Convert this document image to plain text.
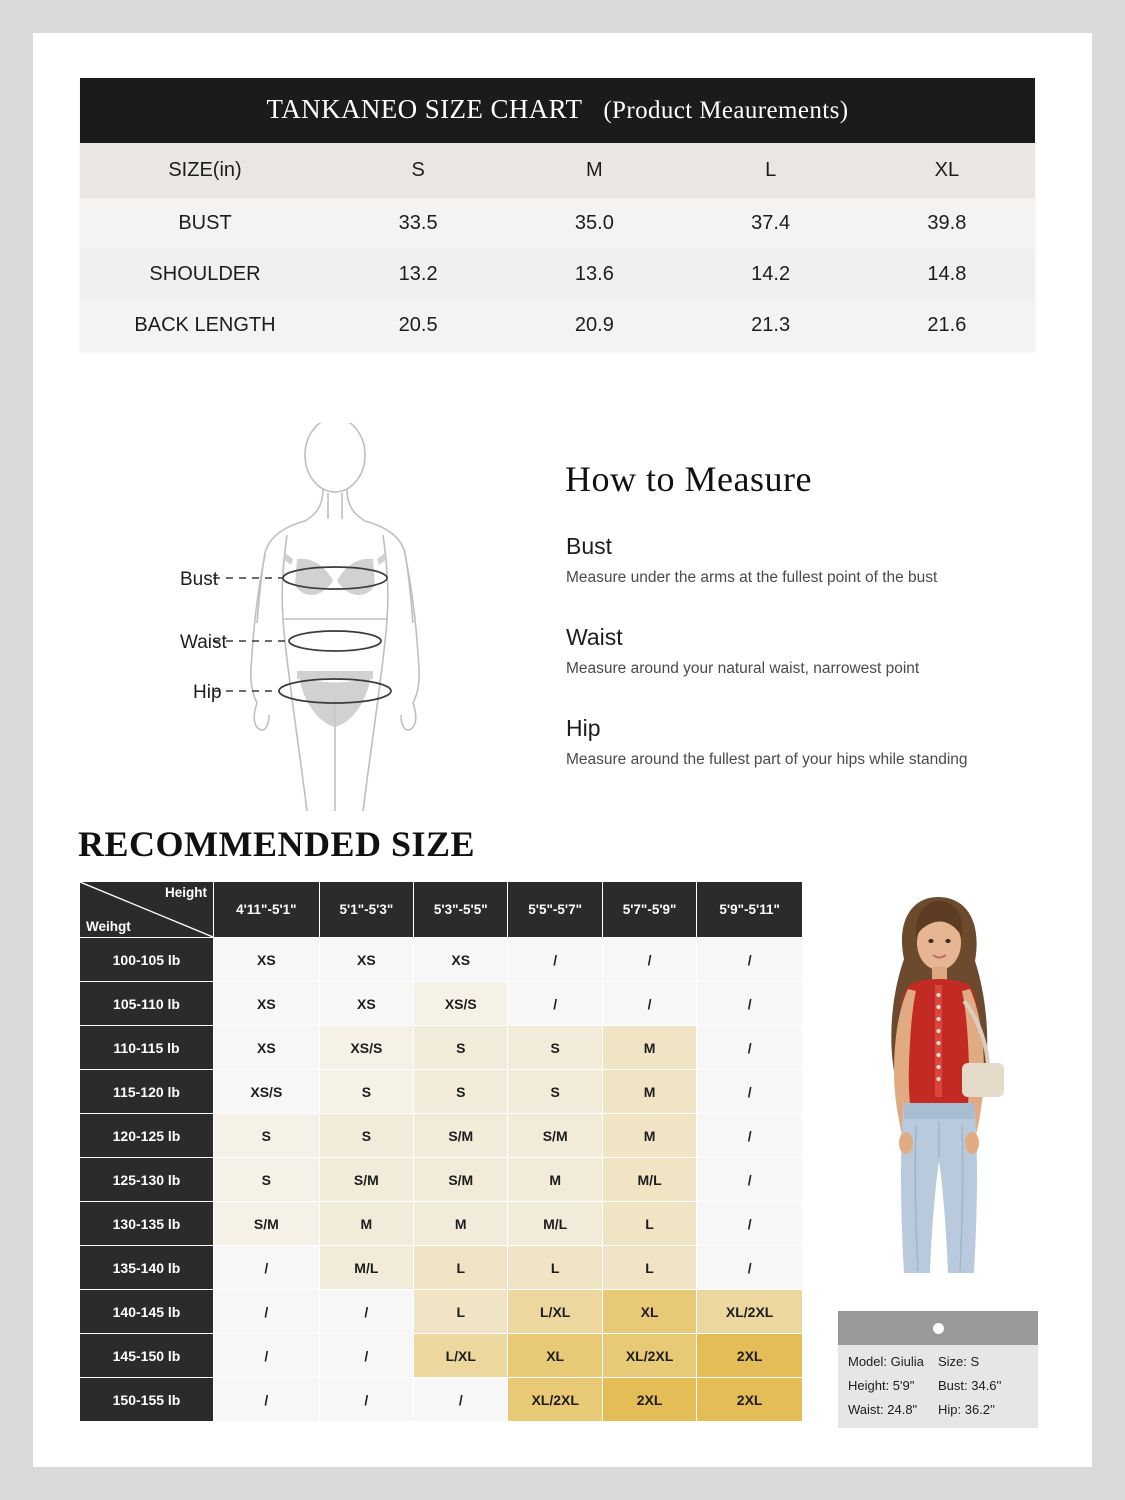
TANKANEO SIZE CHART (Product Meaurements)
SIZE(in)	S	M	L	XL
BUST	33.5	35.0	37.4	39.8
SHOULDER	13.2	13.6	14.2	14.8
BACK LENGTH	20.5	20.9	21.3	21.6
Bust
Waist
Hip
How to Measure
Bust
Measure under the arms at the fullest point of the bust
Waist
Measure around your natural waist, narrowest point
Hip
Measure around the fullest part of your hips while standing
RECOMMENDED SIZE
Height
Weihgt	4'11"-5'1"	5'1"-5'3"	5'3"-5'5"	5'5"-5'7"	5'7"-5'9"	5'9"-5'11"
100-105 lb	XS	XS	XS	/	/	/
105-110 lb	XS	XS	XS/S	/	/	/
110-115 lb	XS	XS/S	S	S	M	/
115-120 lb	XS/S	S	S	S	M	/
120-125 lb	S	S	S/M	S/M	M	/
125-130 lb	S	S/M	S/M	M	M/L	/
130-135 lb	S/M	M	M	M/L	L	/
135-140 lb	/	M/L	L	L	L	/
140-145 lb	/	/	L	L/XL	XL	XL/2XL
145-150 lb	/	/	L/XL	XL	XL/2XL	2XL
150-155 lb	/	/	/	XL/2XL	2XL	2XL
Model: Giulia	Size: S
Height: 5'9"	Bust: 34.6''
Waist: 24.8"	Hip: 36.2''
